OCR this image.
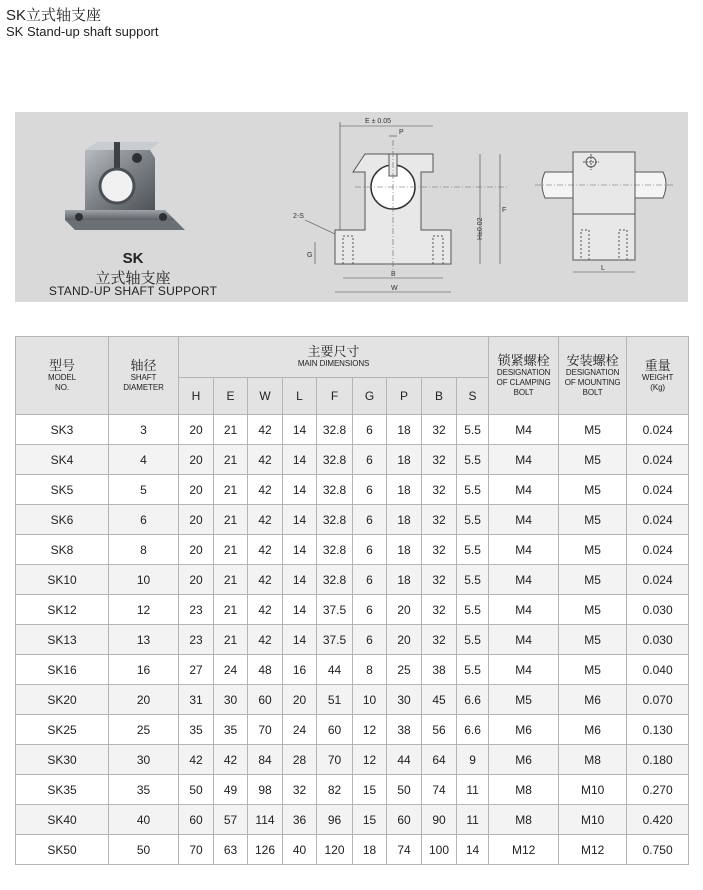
SK立式轴支座
SK Stand-up shaft support
SK
立式轴支座
STAND-UP SHAFT SUPPORT
E ± 0.05
P
2-S
G
H±0.02
F
B
W
L
型号
MODEL
NO.	轴径
SHAFT
DIAMETER	主要尺寸
MAIN DIMENSIONS									锁紧螺栓
DESIGNATION
OF CLAMPING
BOLT	安装螺栓
DESIGNATION
OF MOUNTING
BOLT	重量
WEIGHT
(Kg)

		H	E	W	L	F	G	P	B	S			
SK3	3	20	21	42	14	32.8	6	18	32	5.5	M4	M5	0.024
SK4	4	20	21	42	14	32.8	6	18	32	5.5	M4	M5	0.024
SK5	5	20	21	42	14	32.8	6	18	32	5.5	M4	M5	0.024
SK6	6	20	21	42	14	32.8	6	18	32	5.5	M4	M5	0.024
SK8	8	20	21	42	14	32.8	6	18	32	5.5	M4	M5	0.024
SK10	10	20	21	42	14	32.8	6	18	32	5.5	M4	M5	0.024
SK12	12	23	21	42	14	37.5	6	20	32	5.5	M4	M5	0.030
SK13	13	23	21	42	14	37.5	6	20	32	5.5	M4	M5	0.030
SK16	16	27	24	48	16	44	8	25	38	5.5	M4	M5	0.040
SK20	20	31	30	60	20	51	10	30	45	6.6	M5	M6	0.070
SK25	25	35	35	70	24	60	12	38	56	6.6	M6	M6	0.130
SK30	30	42	42	84	28	70	12	44	64	9	M6	M8	0.180
SK35	35	50	49	98	32	82	15	50	74	11	M8	M10	0.270
SK40	40	60	57	114	36	96	15	60	90	11	M8	M10	0.420
SK50	50	70	63	126	40	120	18	74	100	14	M12	M12	0.750
